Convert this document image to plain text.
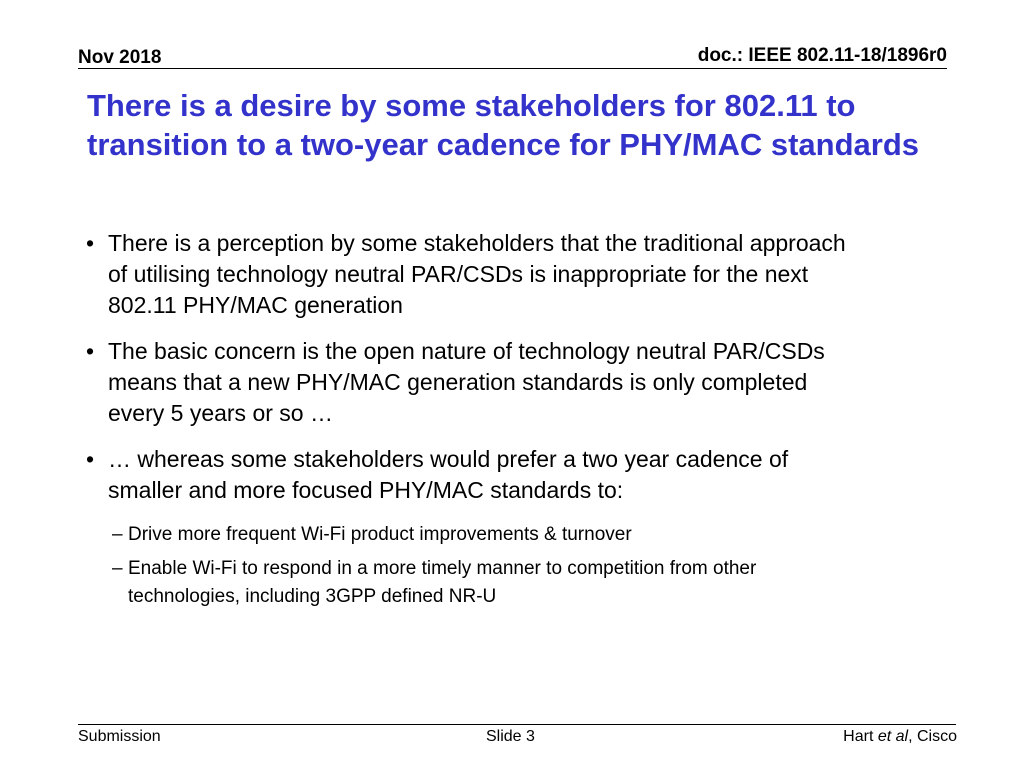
Nov 2018	doc.: IEEE 802.11-18/1896r0
There is a desire by some stakeholders for 802.11 to
transition to a two-year cadence for PHY/MAC standards
• There is a perception by some stakeholders that the traditional approach
of utilising technology neutral PAR/CSDs is inappropriate for the next
802.11 PHY/MAC generation
• The basic concern is the open nature of technology neutral PAR/CSDs
means that a new PHY/MAC generation standards is only completed
every 5 years or so …
• … whereas some stakeholders would prefer a two year cadence of
smaller and more focused PHY/MAC standards to:
– Drive more frequent Wi-Fi product improvements & turnover
– Enable Wi-Fi to respond in a more timely manner to competition from other
technologies, including 3GPP defined NR-U
Submission	Slide 3	Hart et al, Cisco
